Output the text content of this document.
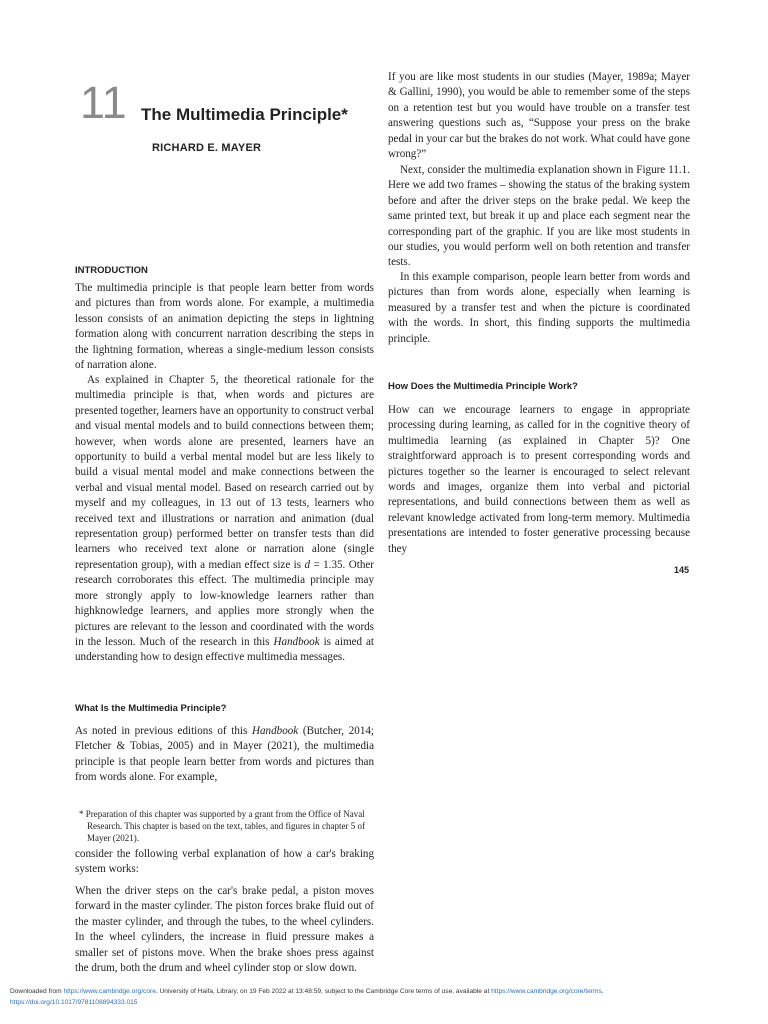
11 The Multimedia Principle*
RICHARD E. MAYER
INTRODUCTION
The multimedia principle is that people learn better from words and pictures than from words alone. For example, a multimedia lesson consists of an animation depicting the steps in lightning formation along with concurrent narration describing the steps in the lightning formation, whereas a single-medium lesson consists of narration alone.
As explained in Chapter 5, the theoretical rationale for the multimedia principle is that, when words and pictures are presented together, learners have an opportunity to construct verbal and visual mental models and to build connections between them; however, when words alone are presented, learners have an opportunity to build a verbal mental model but are less likely to build a visual mental model and make connections between the verbal and visual mental model. Based on research carried out by myself and my colleagues, in 13 out of 13 tests, learners who received text and illustrations or narration and animation (dual representation group) performed better on transfer tests than did learners who received text alone or narration alone (single representation group), with a median effect size is d = 1.35. Other research corroborates this effect. The multimedia principle may more strongly apply to low-knowledge learners rather than highknowledge learners, and applies more strongly when the pictures are relevant to the lesson and coordinated with the words in the lesson. Much of the research in this Handbook is aimed at understanding how to design effective multimedia messages.
What Is the Multimedia Principle?
As noted in previous editions of this Handbook (Butcher, 2014; Fletcher & Tobias, 2005) and in Mayer (2021), the multimedia principle is that people learn better from words and pictures than from words alone. For example,
* Preparation of this chapter was supported by a grant from the Office of Naval Research. This chapter is based on the text, tables, and figures in chapter 5 of Mayer (2021).
consider the following verbal explanation of how a car's braking system works:
When the driver steps on the car's brake pedal, a piston moves forward in the master cylinder. The piston forces brake fluid out of the master cylinder, and through the tubes, to the wheel cylinders. In the wheel cylinders, the increase in fluid pressure makes a smaller set of pistons move. When the brake shoes press against the drum, both the drum and wheel cylinder stop or slow down.
If you are like most students in our studies (Mayer, 1989a; Mayer & Gallini, 1990), you would be able to remember some of the steps on a retention test but you would have trouble on a transfer test answering questions such as, “Suppose your press on the brake pedal in your car but the brakes do not work. What could have gone wrong?”
Next, consider the multimedia explanation shown in Figure 11.1. Here we add two frames – showing the status of the braking system before and after the driver steps on the brake pedal. We keep the same printed text, but break it up and place each segment near the corresponding part of the graphic. If you are like most students in our studies, you would perform well on both retention and transfer tests.
In this example comparison, people learn better from words and pictures than from words alone, especially when learning is measured by a transfer test and when the picture is coordinated with the words. In short, this finding supports the multimedia principle.
How Does the Multimedia Principle Work?
How can we encourage learners to engage in appropriate processing during learning, as called for in the cognitive theory of multimedia learning (as explained in Chapter 5)? One straightforward approach is to present corresponding words and pictures together so the learner is encouraged to select relevant words and images, organize them into verbal and pictorial representations, and build connections between them as well as relevant knowledge activated from long-term memory. Multimedia presentations are intended to foster generative processing because they
145
Downloaded from https://www.cambridge.org/core. University of Haifa, Library, on 19 Feb 2022 at 13:48:59, subject to the Cambridge Core terms of use, available at https://www.cambridge.org/core/terms.
https://doi.org/10.1017/9781108894333.015
